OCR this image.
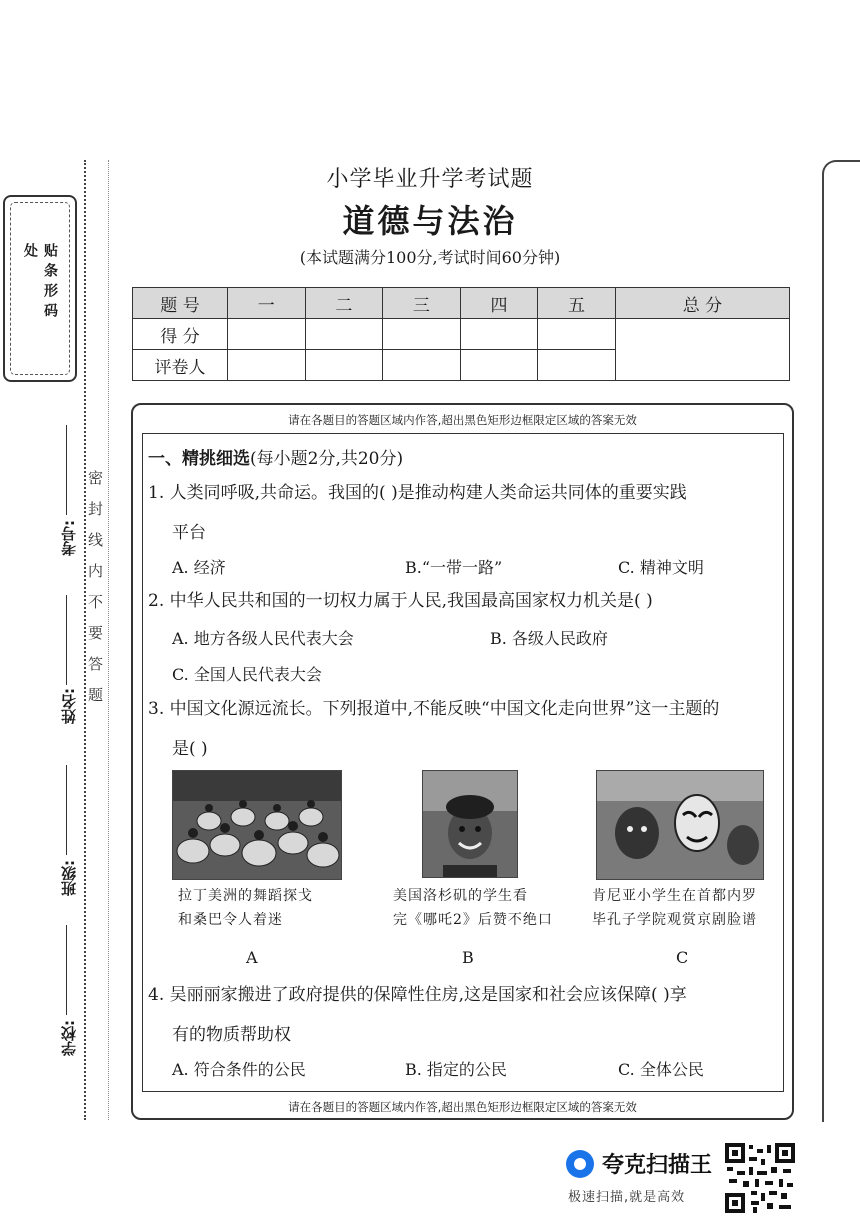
贴条形码处
学校:
班级:
姓名:
考号: 密封线内不要答题
小学毕业升学考试题
道德与法治
(本试题满分100分,考试时间60分钟)
题 号	一	二	三	四	五	总 分
得 分						
评卷人						
请在各题目的答题区域内作答,超出黑色矩形边框限定区域的答案无效
一、精挑细选(每小题2分,共20分)
1. 人类同呼吸,共命运。我国的( )是推动构建人类命运共同体的重要实践
平台
A. 经济	B.“一带一路”	C. 精神文明
2. 中华人民共和国的一切权力属于人民,我国最高国家权力机关是( )
A. 地方各级人民代表大会	B. 各级人民政府
C. 全国人民代表大会
3. 中国文化源远流长。下列报道中,不能反映“中国文化走向世界”这一主题的
是( )
拉丁美洲的舞蹈探戈
和桑巴令人着迷
美国洛杉矶的学生看
完《哪吒2》后赞不绝口
肯尼亚小学生在首都内罗
毕孔子学院观赏京剧脸谱
A	B	C
4. 吴丽丽家搬进了政府提供的保障性住房,这是国家和社会应该保障( )享
有的物质帮助权
A. 符合条件的公民	B. 指定的公民	C. 全体公民
请在各题目的答题区域内作答,超出黑色矩形边框限定区域的答案无效
夸克扫描王
极速扫描,就是高效
